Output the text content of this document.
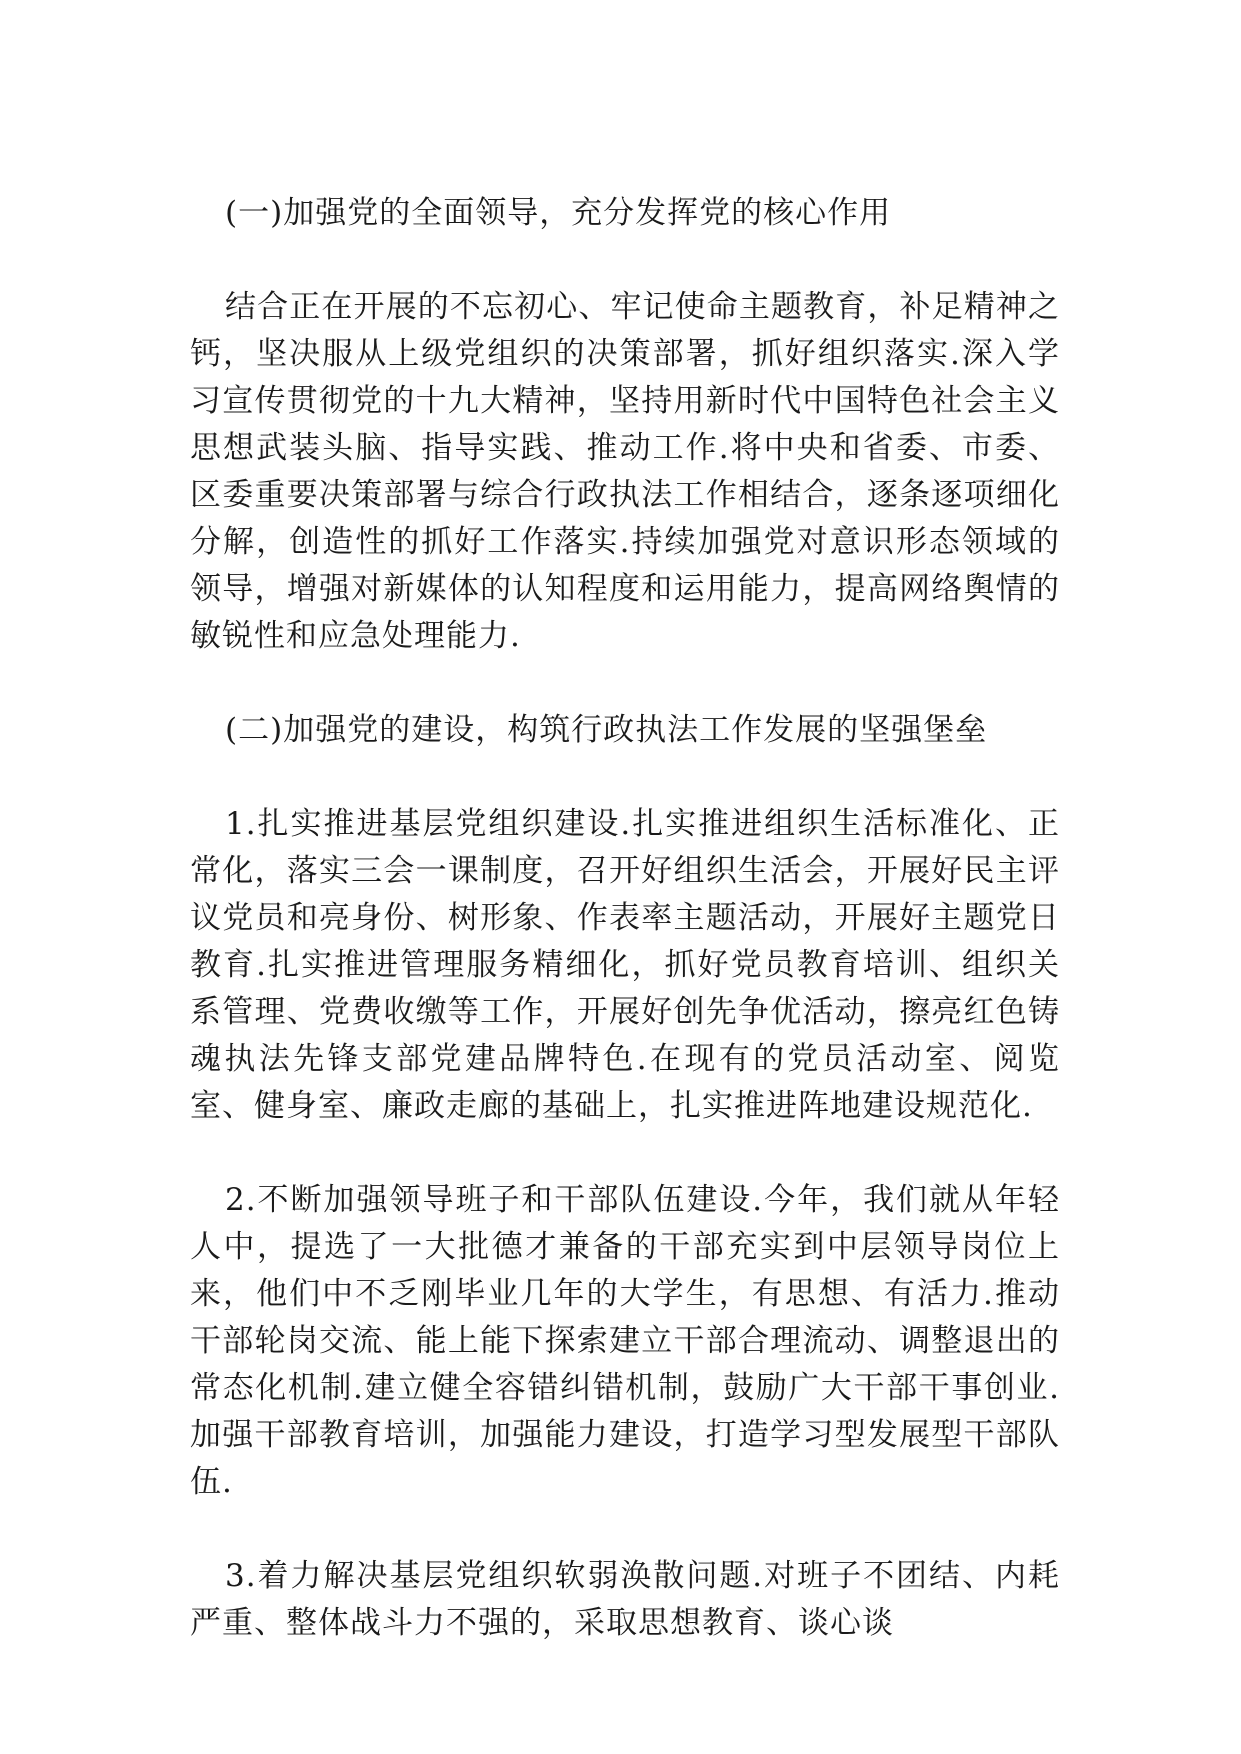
(一)加强党的全面领导，充分发挥党的核心作用

结合正在开展的不忘初心、牢记使命主题教育，补足精神之钙，坚决服从上级党组织的决策部署，抓好组织落实.深入学习宣传贯彻党的十九大精神，坚持用新时代中国特色社会主义思想武装头脑、指导实践、推动工作.将中央和省委、市委、区委重要决策部署与综合行政执法工作相结合，逐条逐项细化分解，创造性的抓好工作落实.持续加强党对意识形态领域的领导，增强对新媒体的认知程度和运用能力，提高网络舆情的敏锐性和应急处理能力.

(二)加强党的建设，构筑行政执法工作发展的坚强堡垒

1.扎实推进基层党组织建设.扎实推进组织生活标准化、正常化，落实三会一课制度，召开好组织生活会，开展好民主评议党员和亮身份、树形象、作表率主题活动，开展好主题党日教育.扎实推进管理服务精细化，抓好党员教育培训、组织关系管理、党费收缴等工作，开展好创先争优活动，擦亮红色铸魂执法先锋支部党建品牌特色.在现有的党员活动室、阅览室、健身室、廉政走廊的基础上，扎实推进阵地建设规范化.

2.不断加强领导班子和干部队伍建设.今年，我们就从年轻人中，提选了一大批德才兼备的干部充实到中层领导岗位上来，他们中不乏刚毕业几年的大学生，有思想、有活力.推动干部轮岗交流、能上能下探索建立干部合理流动、调整退出的常态化机制.建立健全容错纠错机制，鼓励广大干部干事创业.加强干部教育培训，加强能力建设，打造学习型发展型干部队伍.

3.着力解决基层党组织软弱涣散问题.对班子不团结、内耗严重、整体战斗力不强的，采取思想教育、谈心谈
